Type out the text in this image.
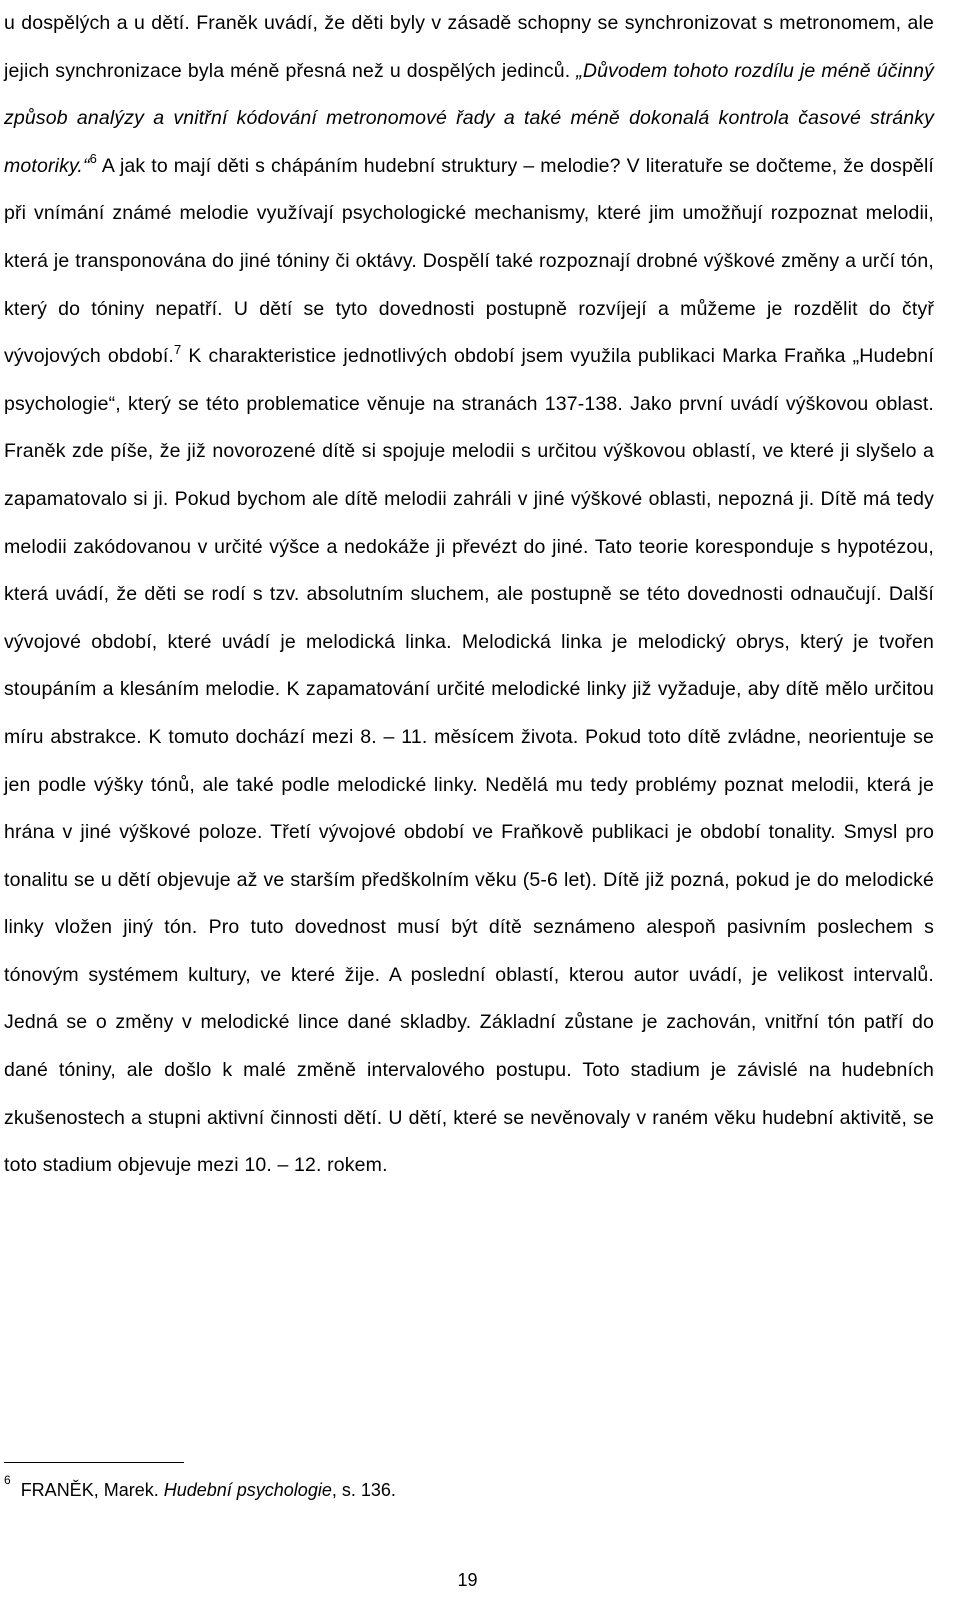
u dospělých a u dětí. Franěk uvádí, že děti byly v zásadě schopny se synchronizovat s metronomem, ale jejich synchronizace byla méně přesná než u dospělých jedinců. „Důvodem tohoto rozdílu je méně účinný způsob analýzy a vnitřní kódování metronomové řady a také méně dokonalá kontrola časové stránky motoriky.“$^6$ A jak to mají děti s chápáním hudební struktury – melodie? V literatuře se dočteme, že dospělí při vnímání známé melodie využívají psychologické mechanismy, které jim umožňují rozpoznat melodii, která je transponována do jiné tóniny či oktávy. Dospělí také rozpoznají drobné výškové změny a určí tón, který do tóniny nepatří. U dětí se tyto dovednosti postupně rozvíjejí a můžeme je rozdělit do čtyř vývojových období.$^7$ K charakteristice jednotlivých období jsem využila publikaci Marka Fraňka „Hudební psychologie“, který se této problematice věnuje na stranách 137-138. Jako první uvádí výškovou oblast. Franěk zde píše, že již novorozené dítě si spojuje melodii s určitou výškovou oblastí, ve které ji slyšelo a zapamatovalo si ji. Pokud bychom ale dítě melodii zahráli v jiné výškové oblasti, nepozná ji. Dítě má tedy melodii zakódovanou v určité výšce a nedokáže ji převézt do jiné. Tato teorie koresponduje s hypotézou, která uvádí, že děti se rodí s tzv. absolutním sluchem, ale postupně se této dovednosti odnaučují. Další vývojové období, které uvádí je melodická linka. Melodická linka je melodický obrys, který je tvořen stoupáním a klesáním melodie. K zapamatování určité melodické linky již vyžaduje, aby dítě mělo určitou míru abstrakce. K tomuto dochází mezi 8. – 11. měsícem života. Pokud toto dítě zvládne, neorientuje se jen podle výšky tónů, ale také podle melodické linky. Nedělá mu tedy problémy poznat melodii, která je hrána v jiné výškové poloze. Třetí vývojové období ve Fraňkově publikaci je období tonality. Smysl pro tonalitu se u dětí objevuje až ve starším předškolním věku (5-6 let). Dítě již pozná, pokud je do melodické linky vložen jiný tón. Pro tuto dovednost musí být dítě seznámeno alespoň pasivním poslechem s tónovým systémem kultury, ve které žije. A poslední oblastí, kterou autor uvádí, je velikost intervalů. Jedná se o změny v melodické lince dané skladby. Základní zůstane je zachován, vnitřní tón patří do dané tóniny, ale došlo k malé změně intervalového postupu. Toto stadium je závislé na hudebních zkušenostech a stupni aktivní činnosti dětí. U dětí, které se nevěnovaly v raném věku hudební aktivitě, se toto stadium objevuje mezi 10. – 12. rokem.

$^6$ FRANĚK, Marek. Hudební psychologie, s. 136.
19
